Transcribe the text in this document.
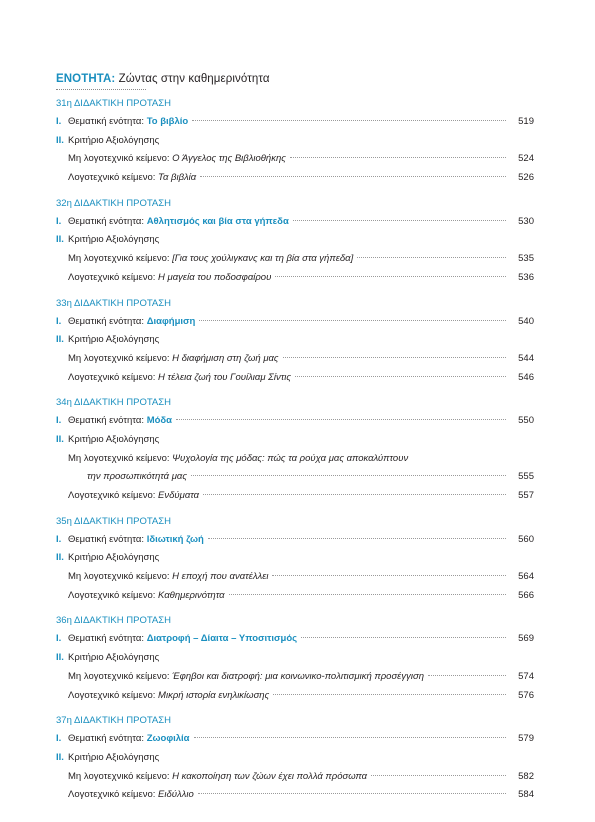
ΕΝΟΤΗΤΑ: Ζώντας στην καθημερινότητα
31η ΔΙΔΑΚΤΙΚΗ ΠΡΟΤΑΣΗ
I. Θεματική ενότητα: Το βιβλίο	519
II. Κριτήριο Αξιολόγησης
Μη λογοτεχνικό κείμενο: Ο Άγγελος της Βιβλιοθήκης	524
Λογοτεχνικό κείμενο: Τα βιβλία	526
32η ΔΙΔΑΚΤΙΚΗ ΠΡΟΤΑΣΗ
I. Θεματική ενότητα: Αθλητισμός και βία στα γήπεδα	530
II. Κριτήριο Αξιολόγησης
Μη λογοτεχνικό κείμενο: [Για τους χούλιγκανς και τη βία στα γήπεδα]	535
Λογοτεχνικό κείμενο: Η μαγεία του ποδοσφαίρου	536
33η ΔΙΔΑΚΤΙΚΗ ΠΡΟΤΑΣΗ
I. Θεματική ενότητα: Διαφήμιση	540
II. Κριτήριο Αξιολόγησης
Μη λογοτεχνικό κείμενο: Η διαφήμιση στη ζωή μας	544
Λογοτεχνικό κείμενο: Η τέλεια ζωή του Γουίλιαμ Σίντις	546
34η ΔΙΔΑΚΤΙΚΗ ΠΡΟΤΑΣΗ
I. Θεματική ενότητα: Μόδα	550
II. Κριτήριο Αξιολόγησης
Μη λογοτεχνικό κείμενο: Ψυχολογία της μόδας: πώς τα ρούχα μας αποκαλύπτουν
την προσωπικότητά μας	555
Λογοτεχνικό κείμενο: Ενδύματα	557
35η ΔΙΔΑΚΤΙΚΗ ΠΡΟΤΑΣΗ
I. Θεματική ενότητα: Ιδιωτική ζωή	560
II. Κριτήριο Αξιολόγησης
Μη λογοτεχνικό κείμενο: Η εποχή που ανατέλλει	564
Λογοτεχνικό κείμενο: Καθημερινότητα	566
36η ΔΙΔΑΚΤΙΚΗ ΠΡΟΤΑΣΗ
I. Θεματική ενότητα: Διατροφή – Δίαιτα – Υποσιτισμός	569
II. Κριτήριο Αξιολόγησης
Μη λογοτεχνικό κείμενο: Έφηβοι και διατροφή: μια κοινωνικο-πολιτισμική προσέγγιση	574
Λογοτεχνικό κείμενο: Μικρή ιστορία ενηλικίωσης	576
37η ΔΙΔΑΚΤΙΚΗ ΠΡΟΤΑΣΗ
I. Θεματική ενότητα: Ζωοφιλία	579
II. Κριτήριο Αξιολόγησης
Μη λογοτεχνικό κείμενο: Η κακοποίηση των ζώων έχει πολλά πρόσωπα	582
Λογοτεχνικό κείμενο: Ειδύλλιο	584
